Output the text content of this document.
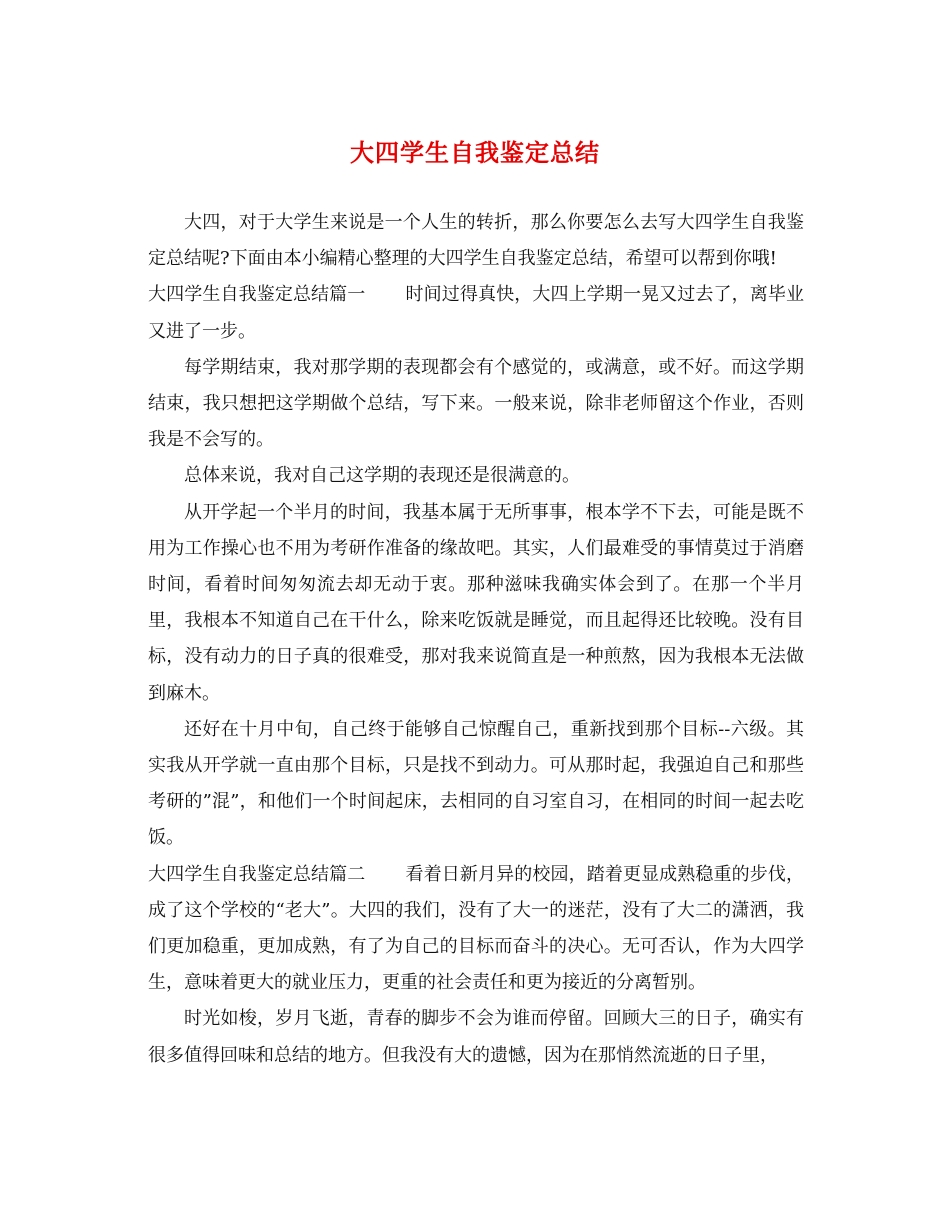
大四学生自我鉴定总结

大四，对于大学生来说是一个人生的转折，那么你要怎么去写大四学生自我鉴定总结呢?下面由本小编精心整理的大四学生自我鉴定总结，希望可以帮到你哦!

大四学生自我鉴定总结篇一 时间过得真快，大四上学期一晃又过去了，离毕业又进了一步。

每学期结束，我对那学期的表现都会有个感觉的，或满意，或不好。而这学期结束，我只想把这学期做个总结，写下来。一般来说，除非老师留这个作业，否则我是不会写的。

总体来说，我对自己这学期的表现还是很满意的。

从开学起一个半月的时间，我基本属于无所事事，根本学不下去，可能是既不用为工作操心也不用为考研作准备的缘故吧。其实，人们最难受的事情莫过于消磨时间，看着时间匆匆流去却无动于衷。那种滋味我确实体会到了。在那一个半月里，我根本不知道自己在干什么，除来吃饭就是睡觉，而且起得还比较晚。没有目标，没有动力的日子真的很难受，那对我来说简直是一种煎熬，因为我根本无法做到麻木。

还好在十月中旬，自己终于能够自己惊醒自己，重新找到那个目标--六级。其实我从开学就一直由那个目标，只是找不到动力。可从那时起，我强迫自己和那些考研的”混”，和他们一个时间起床，去相同的自习室自习，在相同的时间一起去吃饭。

大四学生自我鉴定总结篇二 看着日新月异的校园，踏着更显成熟稳重的步伐，成了这个学校的“老大”。大四的我们，没有了大一的迷茫，没有了大二的潇洒，我们更加稳重，更加成熟，有了为自己的目标而奋斗的决心。无可否认，作为大四学生，意味着更大的就业压力，更重的社会责任和更为接近的分离暂别。

时光如梭，岁月飞逝，青春的脚步不会为谁而停留。回顾大三的日子，确实有很多值得回味和总结的地方。但我没有大的遗憾，因为在那悄然流逝的日子里，
